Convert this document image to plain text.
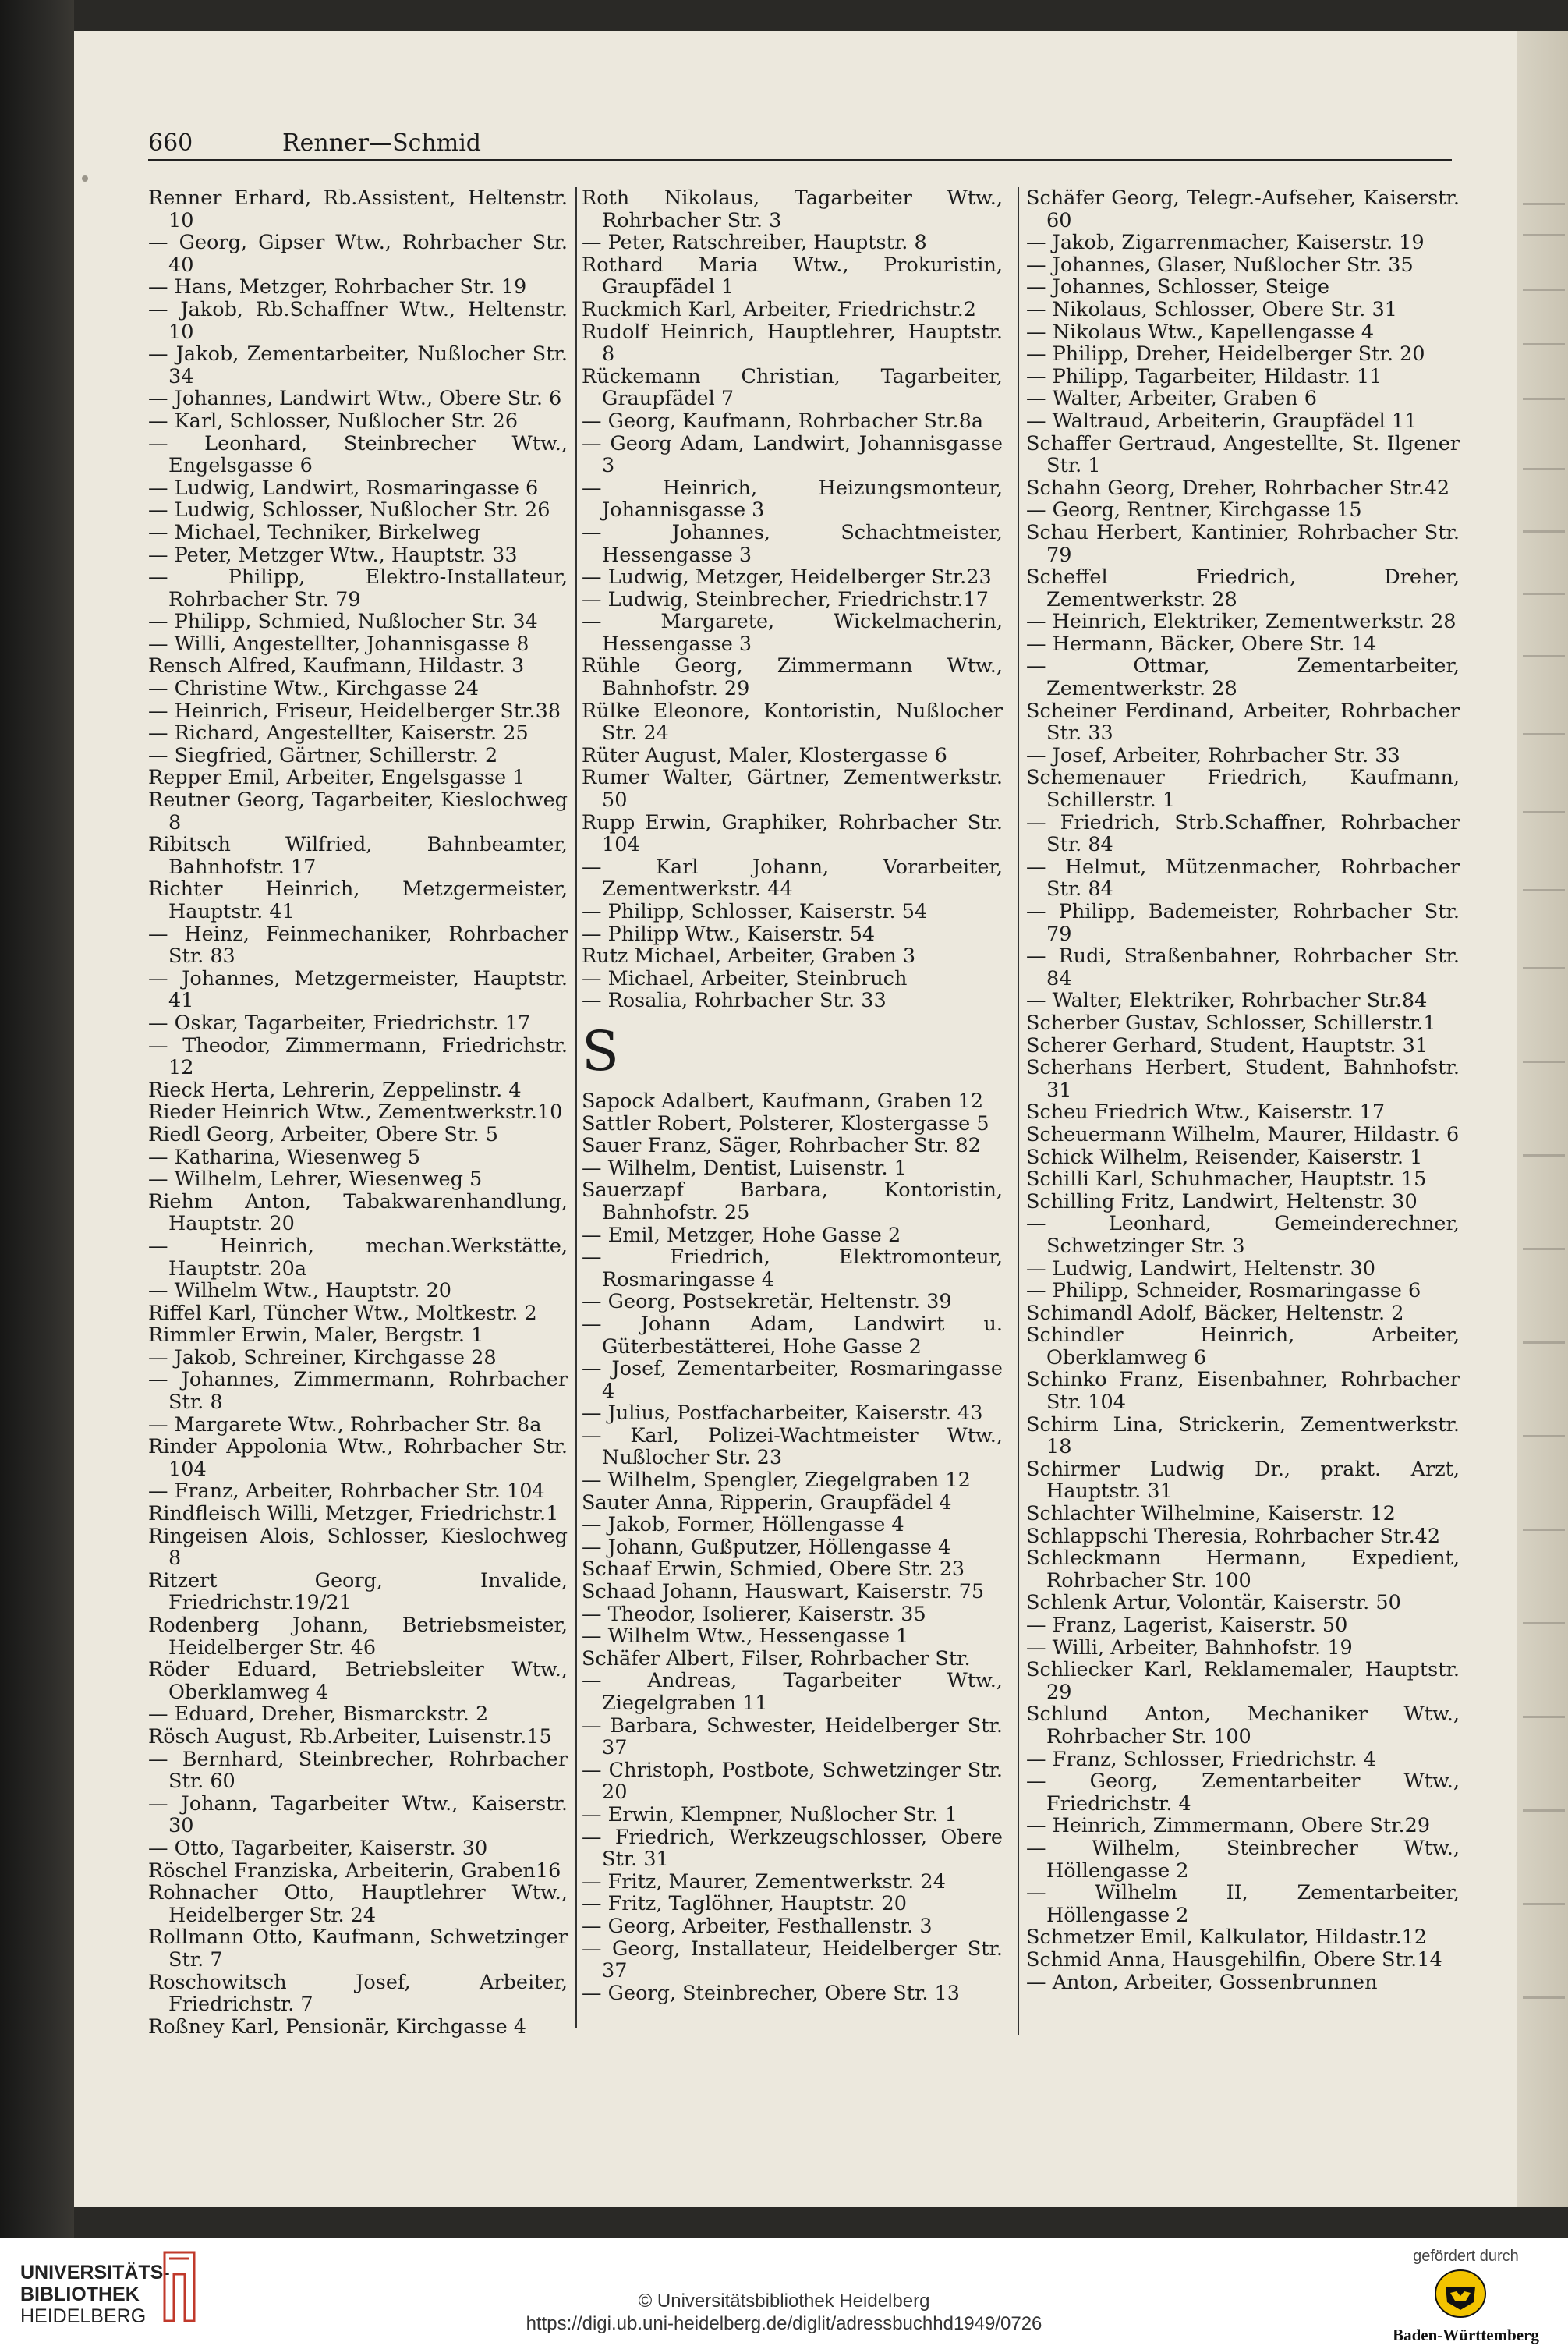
660	Renner—Schmid

Renner Erhard, Rb.Assistent, Heltenstr. 10

— Georg, Gipser Wtw., Rohrbacher Str. 40

— Hans, Metzger, Rohrbacher Str. 19

— Jakob, Rb.Schaffner Wtw., Heltenstr. 10

— Jakob, Zementarbeiter, Nußlocher Str. 34

— Johannes, Landwirt Wtw., Obere Str. 6

— Karl, Schlosser, Nußlocher Str. 26

— Leonhard, Steinbrecher Wtw., Engelsgasse 6

— Ludwig, Landwirt, Rosmaringasse 6

— Ludwig, Schlosser, Nußlocher Str. 26

— Michael, Techniker, Birkelweg

— Peter, Metzger Wtw., Hauptstr. 33

— Philipp, Elektro-Installateur, Rohrbacher Str. 79

— Philipp, Schmied, Nußlocher Str. 34

— Willi, Angestellter, Johannisgasse 8

Rensch Alfred, Kaufmann, Hildastr. 3

— Christine Wtw., Kirchgasse 24

— Heinrich, Friseur, Heidelberger Str.38

— Richard, Angestellter, Kaiserstr. 25

— Siegfried, Gärtner, Schillerstr. 2

Repper Emil, Arbeiter, Engelsgasse 1

Reutner Georg, Tagarbeiter, Kieslochweg 8

Ribitsch Wilfried, Bahnbeamter, Bahnhofstr. 17

Richter Heinrich, Metzgermeister, Hauptstr. 41

— Heinz, Feinmechaniker, Rohrbacher Str. 83

— Johannes, Metzgermeister, Hauptstr. 41

— Oskar, Tagarbeiter, Friedrichstr. 17

— Theodor, Zimmermann, Friedrichstr. 12

Rieck Herta, Lehrerin, Zeppelinstr. 4

Rieder Heinrich Wtw., Zementwerkstr.10

Riedl Georg, Arbeiter, Obere Str. 5

— Katharina, Wiesenweg 5

— Wilhelm, Lehrer, Wiesenweg 5

Riehm Anton, Tabakwarenhandlung, Hauptstr. 20

— Heinrich, mechan.Werkstätte, Hauptstr. 20a

— Wilhelm Wtw., Hauptstr. 20

Riffel Karl, Tüncher Wtw., Moltkestr. 2

Rimmler Erwin, Maler, Bergstr. 1

— Jakob, Schreiner, Kirchgasse 28

— Johannes, Zimmermann, Rohrbacher Str. 8

— Margarete Wtw., Rohrbacher Str. 8a

Rinder Appolonia Wtw., Rohrbacher Str. 104

— Franz, Arbeiter, Rohrbacher Str. 104

Rindfleisch Willi, Metzger, Friedrichstr.1

Ringeisen Alois, Schlosser, Kieslochweg 8

Ritzert Georg, Invalide, Friedrichstr.19/21

Rodenberg Johann, Betriebsmeister, Heidelberger Str. 46

Röder Eduard, Betriebsleiter Wtw., Oberklamweg 4

— Eduard, Dreher, Bismarckstr. 2

Rösch August, Rb.Arbeiter, Luisenstr.15

— Bernhard, Steinbrecher, Rohrbacher Str. 60

— Johann, Tagarbeiter Wtw., Kaiserstr. 30

— Otto, Tagarbeiter, Kaiserstr. 30

Röschel Franziska, Arbeiterin, Graben16

Rohnacher Otto, Hauptlehrer Wtw., Heidelberger Str. 24

Rollmann Otto, Kaufmann, Schwetzinger Str. 7

Roschowitsch Josef, Arbeiter, Friedrichstr. 7

Roßney Karl, Pensionär, Kirchgasse 4

Roth Nikolaus, Tagarbeiter Wtw., Rohrbacher Str. 3

— Peter, Ratschreiber, Hauptstr. 8

Rothard Maria Wtw., Prokuristin, Graupfädel 1

Ruckmich Karl, Arbeiter, Friedrichstr.2

Rudolf Heinrich, Hauptlehrer, Hauptstr. 8

Rückemann Christian, Tagarbeiter, Graupfädel 7

— Georg, Kaufmann, Rohrbacher Str.8a

— Georg Adam, Landwirt, Johannisgasse 3

— Heinrich, Heizungsmonteur, Johannisgasse 3

— Johannes, Schachtmeister, Hessengasse 3

— Ludwig, Metzger, Heidelberger Str.23

— Ludwig, Steinbrecher, Friedrichstr.17

— Margarete, Wickelmacherin, Hessengasse 3

Rühle Georg, Zimmermann Wtw., Bahnhofstr. 29

Rülke Eleonore, Kontoristin, Nußlocher Str. 24

Rüter August, Maler, Klostergasse 6

Rumer Walter, Gärtner, Zementwerkstr. 50

Rupp Erwin, Graphiker, Rohrbacher Str. 104

— Karl Johann, Vorarbeiter, Zementwerkstr. 44

— Philipp, Schlosser, Kaiserstr. 54

— Philipp Wtw., Kaiserstr. 54

Rutz Michael, Arbeiter, Graben 3

— Michael, Arbeiter, Steinbruch

— Rosalia, Rohrbacher Str. 33

S

Sapock Adalbert, Kaufmann, Graben 12

Sattler Robert, Polsterer, Klostergasse 5

Sauer Franz, Säger, Rohrbacher Str. 82

— Wilhelm, Dentist, Luisenstr. 1

Sauerzapf Barbara, Kontoristin, Bahnhofstr. 25

— Emil, Metzger, Hohe Gasse 2

— Friedrich, Elektromonteur, Rosmaringasse 4

— Georg, Postsekretär, Heltenstr. 39

— Johann Adam, Landwirt u. Güterbestätterei, Hohe Gasse 2

— Josef, Zementarbeiter, Rosmaringasse 4

— Julius, Postfacharbeiter, Kaiserstr. 43

— Karl, Polizei-Wachtmeister Wtw., Nußlocher Str. 23

— Wilhelm, Spengler, Ziegelgraben 12

Sauter Anna, Ripperin, Graupfädel 4

— Jakob, Former, Höllengasse 4

— Johann, Gußputzer, Höllengasse 4

Schaaf Erwin, Schmied, Obere Str. 23

Schaad Johann, Hauswart, Kaiserstr. 75

— Theodor, Isolierer, Kaiserstr. 35

— Wilhelm Wtw., Hessengasse 1

Schäfer Albert, Filser, Rohrbacher Str.

— Andreas, Tagarbeiter Wtw., Ziegelgraben 11

— Barbara, Schwester, Heidelberger Str. 37

— Christoph, Postbote, Schwetzinger Str. 20

— Erwin, Klempner, Nußlocher Str. 1

— Friedrich, Werkzeugschlosser, Obere Str. 31

— Fritz, Maurer, Zementwerkstr. 24

— Fritz, Taglöhner, Hauptstr. 20

— Georg, Arbeiter, Festhallenstr. 3

— Georg, Installateur, Heidelberger Str. 37

— Georg, Steinbrecher, Obere Str. 13

Schäfer Georg, Telegr.-Aufseher, Kaiserstr. 60

— Jakob, Zigarrenmacher, Kaiserstr. 19

— Johannes, Glaser, Nußlocher Str. 35

— Johannes, Schlosser, Steige

— Nikolaus, Schlosser, Obere Str. 31

— Nikolaus Wtw., Kapellengasse 4

— Philipp, Dreher, Heidelberger Str. 20

— Philipp, Tagarbeiter, Hildastr. 11

— Walter, Arbeiter, Graben 6

— Waltraud, Arbeiterin, Graupfädel 11

Schaffer Gertraud, Angestellte, St. Ilgener Str. 1

Schahn Georg, Dreher, Rohrbacher Str.42

— Georg, Rentner, Kirchgasse 15

Schau Herbert, Kantinier, Rohrbacher Str. 79

Scheffel Friedrich, Dreher, Zementwerkstr. 28

— Heinrich, Elektriker, Zementwerkstr. 28

— Hermann, Bäcker, Obere Str. 14

— Ottmar, Zementarbeiter, Zementwerkstr. 28

Scheiner Ferdinand, Arbeiter, Rohrbacher Str. 33

— Josef, Arbeiter, Rohrbacher Str. 33

Schemenauer Friedrich, Kaufmann, Schillerstr. 1

— Friedrich, Strb.Schaffner, Rohrbacher Str. 84

— Helmut, Mützenmacher, Rohrbacher Str. 84

— Philipp, Bademeister, Rohrbacher Str. 79

— Rudi, Straßenbahner, Rohrbacher Str. 84

— Walter, Elektriker, Rohrbacher Str.84

Scherber Gustav, Schlosser, Schillerstr.1

Scherer Gerhard, Student, Hauptstr. 31

Scherhans Herbert, Student, Bahnhofstr. 31

Scheu Friedrich Wtw., Kaiserstr. 17

Scheuermann Wilhelm, Maurer, Hildastr. 6

Schick Wilhelm, Reisender, Kaiserstr. 1

Schilli Karl, Schuhmacher, Hauptstr. 15

Schilling Fritz, Landwirt, Heltenstr. 30

— Leonhard, Gemeinderechner, Schwetzinger Str. 3

— Ludwig, Landwirt, Heltenstr. 30

— Philipp, Schneider, Rosmaringasse 6

Schimandl Adolf, Bäcker, Heltenstr. 2

Schindler Heinrich, Arbeiter, Oberklamweg 6

Schinko Franz, Eisenbahner, Rohrbacher Str. 104

Schirm Lina, Strickerin, Zementwerkstr. 18

Schirmer Ludwig Dr., prakt. Arzt, Hauptstr. 31

Schlachter Wilhelmine, Kaiserstr. 12

Schlappschi Theresia, Rohrbacher Str.42

Schleckmann Hermann, Expedient, Rohrbacher Str. 100

Schlenk Artur, Volontär, Kaiserstr. 50

— Franz, Lagerist, Kaiserstr. 50

— Willi, Arbeiter, Bahnhofstr. 19

Schliecker Karl, Reklamemaler, Hauptstr. 29

Schlund Anton, Mechaniker Wtw., Rohrbacher Str. 100

— Franz, Schlosser, Friedrichstr. 4

— Georg, Zementarbeiter Wtw., Friedrichstr. 4

— Heinrich, Zimmermann, Obere Str.29

— Wilhelm, Steinbrecher Wtw., Höllengasse 2

— Wilhelm II, Zementarbeiter, Höllengasse 2

Schmetzer Emil, Kalkulator, Hildastr.12

Schmid Anna, Hausgehilfin, Obere Str.14

— Anton, Arbeiter, Gossenbrunnen

UNIVERSITÄTS-
BIBLIOTHEK
HEIDELBERG
© Universitätsbibliothek Heidelberg
https://digi.ub.uni-heidelberg.de/diglit/adressbuchhd1949/0726
gefördert durch
Baden-Württemberg
